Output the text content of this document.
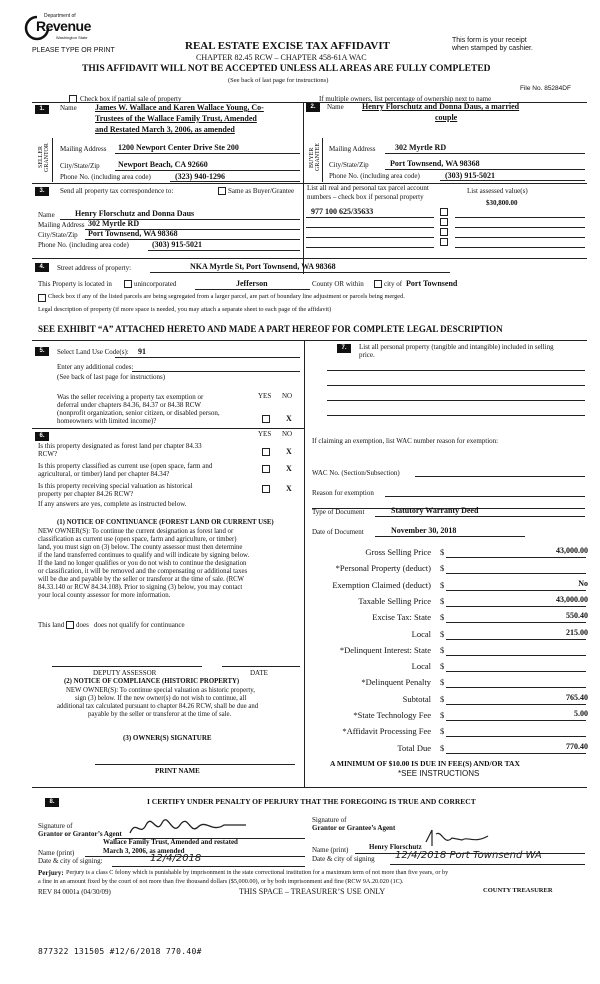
Department of
Revenue
Washington State
PLEASE TYPE OR PRINT	REAL ESTATE EXCISE TAX AFFIDAVIT
CHAPTER 82.45 RCW – CHAPTER 458-61A WAC
This form is your receipt
when stamped by cashier.
THIS AFFIDAVIT WILL NOT BE ACCEPTED UNLESS ALL AREAS ARE FULLY COMPLETED
(See back of last page for instructions)
Check box if partial sale of property	If multiple owners, list percentage of ownership next to name
File No. 85284DF
1.
SELLER GRANTOR
Name James W. Wallace and Karen Wallace Young, Co-
Trustees of the Wallace Family Trust, Amended
and Restated March 3, 2006, as amended
Mailing Address 1200 Newport Center Drive Ste 200
City/State/Zip Newport Beach, CA 92660
Phone No. (including area code)	(323) 940-1296
2.
BUYER GRANTEE
Name Henry Florschutz and Donna Daus, a married
couple
Mailing Address 302 Myrtle RD
City/State/Zip	Port Townsend, WA 98368
Phone No. (including area code)	(303) 915-5021
3.	Send all property tax correspondence to:	Same as Buyer/Grantee
Name	Henry Florschutz and Donna Daus
Mailing Address 302 Myrtle RD
City/State/Zip Port Townsend, WA 98368
Phone No. (including area code)	(303) 915-5021
List all real and personal tax parcel account
numbers – check box if personal property
List assessed value(s)
$30,800.00
977 100 625/35633
4.	Street address of property:	NKA Myrtle St, Port Townsend, WA 98368
This Property is located in	unincorporated	Jefferson	County OR within	city of Port Townsend
Check box if any of the listed parcels are being segregated from a larger parcel, are part of boundary line adjustment or parcels being merged.
Legal description of property (if more space is needed, you may attach a separate sheet to each page of the affidavit)
SEE EXHIBIT “A” ATTACHED HERETO AND MADE A PART HEREOF FOR COMPLETE LEGAL DESCRIPTION
5.	Select Land Use Code(s): 91
Enter any additional codes:
(See back of last page for instructions)
YES NO
Was the seller receiving a property tax exemption or
deferral under chapters 84.36, 84.37 or 84.38 RCW
(nonprofit organization, senior citizen, or disabled person,
homeowners with limited income)?	X
6.	YES NO
Is this property designated as forest land per chapter 84.33
RCW?	X
Is this property classified as current use (open space, farm and
agricultural, or timber) land per chapter 84.34?
X
Is this property receiving special valuation as historical
property per chapter 84.26 RCW?
X
If any answers are yes, complete as instructed below.
(1) NOTICE OF CONTINUANCE (FOREST LAND OR CURRENT USE)
NEW OWNER(S): To continue the current designation as forest land or
classification as current use (open space, farm and agriculture, or timber)
land, you must sign on (3) below. The county assessor must then determine
if the land transferred continues to qualify and will indicate by signing below.
If the land no longer qualifies or you do not wish to continue the designation
or classification, it will be removed and the compensating or additional taxes
will be due and payable by the seller or transferor at the time of sale. (RCW
84.33.140 or RCW 84.34.108). Prior to signing (3) below, you may contact
your local county assessor for more information.
This land does does not qualify for continuance
DEPUTY ASSESSOR	DATE
(2) NOTICE OF COMPLIANCE (HISTORIC PROPERTY)
NEW OWNER(S): To continue special valuation as historic property,
sign (3) below. If the new owner(s) do not wish to continue, all
additional tax calculated pursuant to chapter 84.26 RCW, shall be due and
payable by the seller or transferor at the time of sale.
(3) OWNER(S) SIGNATURE
PRINT NAME
7.	List all personal property (tangible and intangible) included in selling
price.
If claiming an exemption, list WAC number reason for exemption:
WAC No. (Section/Subsection)
Reason for exemption
Type of Document	Statutory Warranty Deed
Date of Document	November 30, 2018
Gross Selling Price $	43,000.00
*Personal Property (deduct) $
Exemption Claimed (deduct) $	No
Taxable Selling Price $	43,000.00
Excise Tax: State $	550.40
Local $	215.00
*Delinquent Interest: State $
Local $
*Delinquent Penalty $
Subtotal $	765.40
*State Technology Fee $	5.00
*Affidavit Processing Fee $
Total Due $	770.40
A MINIMUM OF $10.00 IS DUE IN FEE(S) AND/OR TAX
*SEE INSTRUCTIONS
8.	I CERTIFY UNDER PENALTY OF PERJURY THAT THE FOREGOING IS TRUE AND CORRECT
Signature of
Grantor or Grantor’s Agent
Wallace Family Trust, Amended and restated
Name (print)	March 3, 2006, as amended
Date & city of signing:	12/4/2018
Signature of
Grantor or Grantee’s Agent
Name (print)	Henry Florschutz
Date & city of signing 12/4/2018 Port Townsend WA
Perjury: Perjury is a class C felony which is punishable by imprisonment in the state correctional institution for a maximum term of not more than five years, or by
a fine in an amount fixed by the court of not more than five thousand dollars ($5,000.00), or by both imprisonment and fine (RCW 9A.20.020 (1C).
REV 84 0001a (04/30/09)	THIS SPACE – TREASURER’S USE ONLY	COUNTY TREASURER
877322 131505 #12/6/2018 770.40#
